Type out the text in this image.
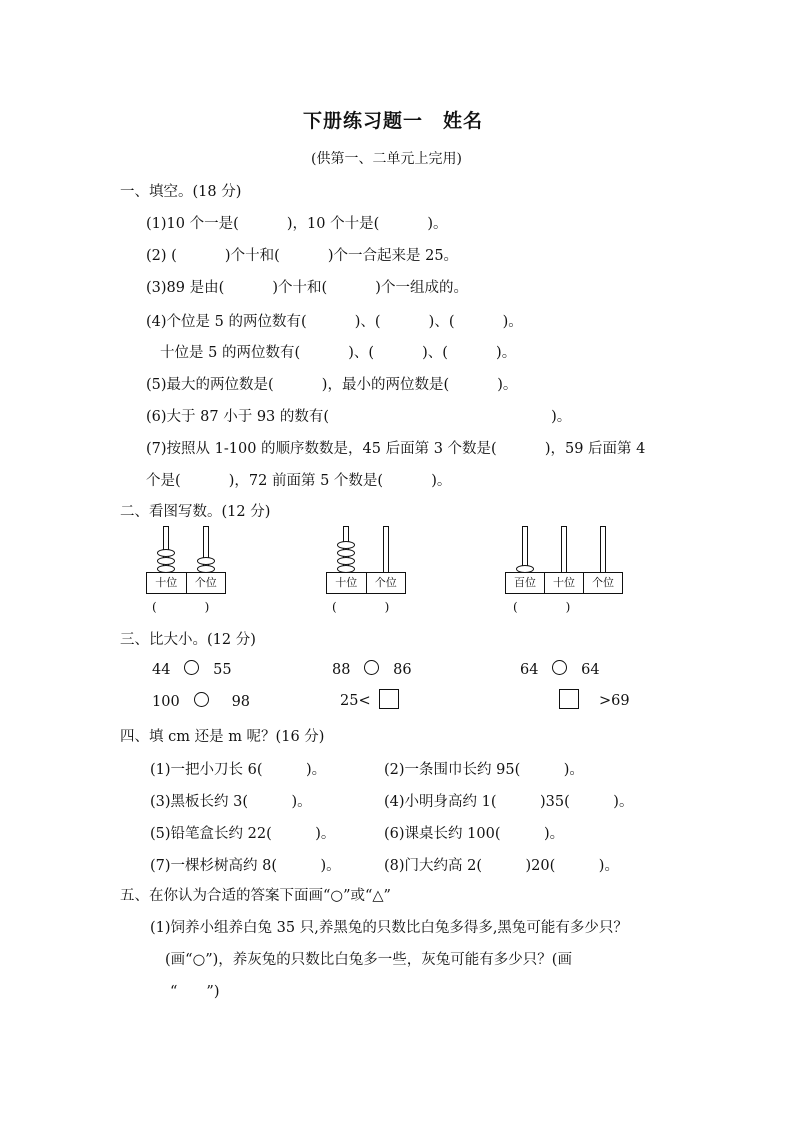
下册练习题一　姓名
(供第一、二单元上完用)
一、填空。(18 分)
(1)10 个一是(　　　 )，10 个十是(　　　 )。
(2) (　　　 )个十和(　　　 )个一合起来是 25。
(3)89 是由(　　　 )个十和(　　　 )个一组成的。
(4)个位是 5 的两位数有(　　　 )、(　　　 )、(　　　 )。
十位是 5 的两位数有(　　　 )、(　　　 )、(　　　 )。
(5)最大的两位数是(　　　 )，最小的两位数是(　　　 )。
(6)大于 87 小于 93 的数有(　　　　　　　　　　　　　　　 )。
(7)按照从 1-100 的顺序数数是，45 后面第 3 个数是(　　　 )，59 后面第 4
个是(　　　 )，72 前面第 5 个数是(　　　 )。
二、看图写数。(12 分)
十位	个位
(　　　　)
十位	个位
(　　　　)
百位	十位	个位
(　　　　)
三、比大小。(12 分)
44	55	88	86	64	64
100	98	25<	>69
四、填 cm 还是 m 呢？(16 分)
(1)一把小刀长 6(　　　)。	(2)一条围巾长约 95(　　　)。
(3)黑板长约 3(　　　)。	(4)小明身高约 1(　　　)35(　　　)。
(5)铅笔盒长约 22(　　　)。	(6)课桌长约 100(　　　)。
(7)一棵杉树高约 8(　　　)。	(8)门大约高 2(　　　)20(　　　)。
五、在你认为合适的答案下面画“○”或“△”
(1)饲养小组养白兔 35 只,养黑兔的只数比白兔多得多,黑兔可能有多少只？
(画“○”)，养灰兔的只数比白兔多一些，灰兔可能有多少只？(画
“　　”)
